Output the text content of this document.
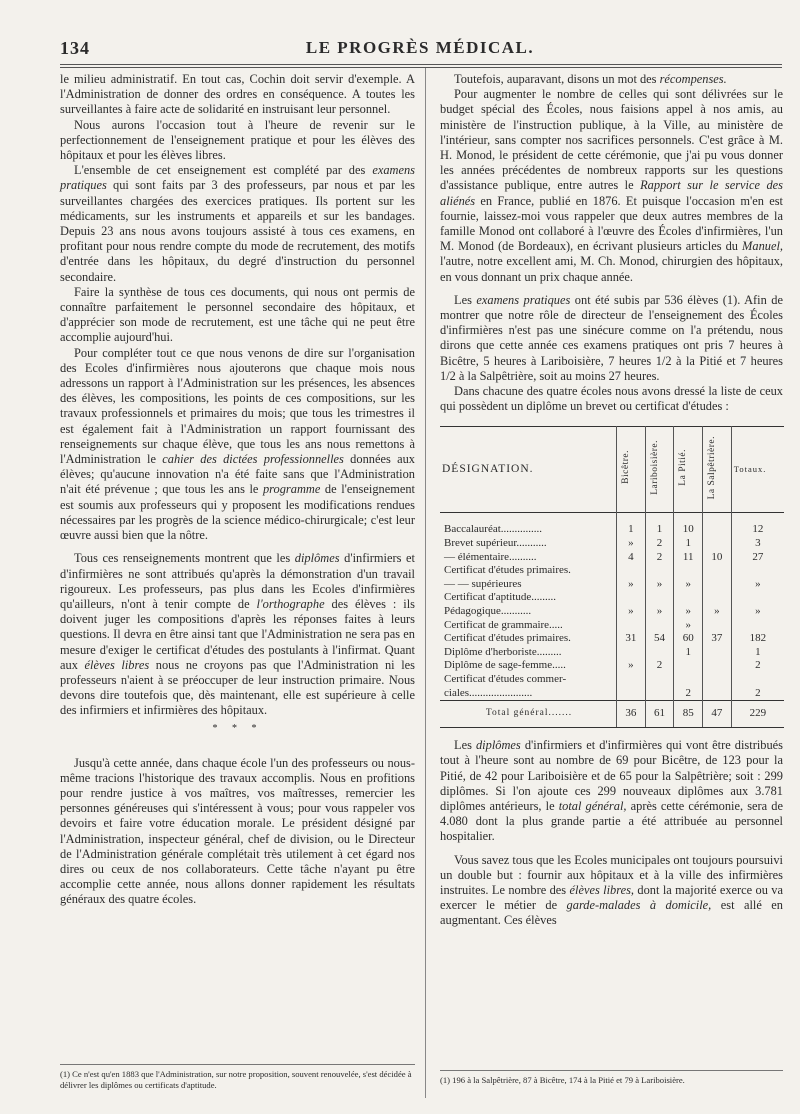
134	LE PROGRÈS MÉDICAL.

le milieu administratif. En tout cas, Cochin doit servir d'exemple. A l'Administration de donner des ordres en conséquence. A toutes les surveillantes à faire acte de solidarité en instruisant leur personnel.

Nous aurons l'occasion tout à l'heure de revenir sur le perfectionnement de l'enseignement pratique et pour les élèves des hôpitaux et pour les élèves libres.

L'ensemble de cet enseignement est complété par des examens pratiques qui sont faits par 3 des professeurs, par nous et par les surveillantes chargées des exercices pratiques. Ils portent sur les médicaments, sur les instruments et appareils et sur les bandages. Depuis 23 ans nous avons toujours assisté à tous ces examens, en profitant pour nous rendre compte du mode de recrutement, des motifs d'entrée dans les hôpitaux, du degré d'instruction du personnel secondaire.

Faire la synthèse de tous ces documents, qui nous ont permis de connaître parfaitement le personnel secondaire des hôpitaux, et d'apprécier son mode de recrutement, est une tâche qui ne peut être accomplie aujourd'hui.

Pour compléter tout ce que nous venons de dire sur l'organisation des Ecoles d'infirmières nous ajouterons que chaque mois nous adressons un rapport à l'Administration sur les présences, les absences des élèves, les compositions, les points de ces compositions, sur les travaux professionnels et primaires du mois; que tous les trimestres il est également fait à l'Administration un rapport fournissant des renseignements sur chaque élève, que tous les ans nous remettons à l'Administration le cahier des dictées professionnelles données aux élèves; qu'aucune innovation n'a été faite sans que l'Administration n'ait été prévenue ; que tous les ans le programme de l'enseignement est soumis aux professeurs qui y proposent les modifications rendues nécessaires par les progrès de la science médico-chirurgicale; c'est leur œuvre aussi bien que la nôtre.

Tous ces renseignements montrent que les diplômes d'infirmiers et d'infirmières ne sont attribués qu'après la démonstration d'un travail rigoureux. Les professeurs, pas plus dans les Ecoles d'infirmières qu'ailleurs, n'ont à tenir compte de l'orthographe des élèves : ils doivent juger les compositions d'après les réponses faites à leurs questions. Il devra en être ainsi tant que l'Administration ne sera pas en mesure d'exiger le certificat d'études des postulants à l'infirmat. Quant aux élèves libres nous ne croyons pas que l'Administration ni les professeurs n'aient à se préoccuper de leur instruction primaire. Nous devons dire toutefois que, dès maintenant, elle est supérieure à celle des infirmiers et infirmières des hôpitaux.

* * *

Jusqu'à cette année, dans chaque école l'un des professeurs ou nous-même tracions l'historique des travaux accomplis. Nous en profitions pour rendre justice à vos maîtres, vos maîtresses, remercier les personnes généreuses qui s'intéressent à vous; pour vous rappeler vos devoirs et faire votre éducation morale. Le président désigné par l'Administration, inspecteur général, chef de division, ou le Directeur de l'Administration générale complétait très utilement à cet égard nos dires ou ceux de nos collaborateurs. Cette tâche n'ayant pu être accomplie cette année, nous allons donner rapidement les résultats généraux des quatre écoles.

(1) Ce n'est qu'en 1883 que l'Administration, sur notre proposition, souvent renouvelée, s'est décidée à délivrer les diplômes ou certificats d'aptitude.

Toutefois, auparavant, disons un mot des récompenses.

Pour augmenter le nombre de celles qui sont délivrées sur le budget spécial des Écoles, nous faisions appel à nos amis, au ministère de l'instruction publique, à la Ville, au ministère de l'intérieur, sans compter nos sacrifices personnels. C'est grâce à M. H. Monod, le président de cette cérémonie, que j'ai pu vous donner les années précédentes de nombreux rapports sur les questions d'assistance publique, entre autres le Rapport sur le service des aliénés en France, publié en 1876. Et puisque l'occasion m'en est fournie, laissez-moi vous rappeler que deux autres membres de la famille Monod ont collaboré à l'œuvre des Écoles d'infirmières, l'un M. Monod (de Bordeaux), en écrivant plusieurs articles du Manuel, l'autre, notre excellent ami, M. Ch. Monod, chirurgien des hôpitaux, en vous donnant un prix chaque année.

Les examens pratiques ont été subis par 536 élèves (1). Afin de montrer que notre rôle de directeur de l'enseignement des Écoles d'infirmières n'est pas une sinécure comme on l'a prétendu, nous dirons que cette année ces examens pratiques ont pris 7 heures à Bicêtre, 5 heures à Lariboisière, 7 heures 1/2 à la Pitié et 7 heures 1/2 à la Salpêtrière, soit au moins 27 heures.

Dans chacune des quatre écoles nous avons dressé la liste de ceux qui possèdent un diplôme un brevet ou certificat d'études :

DÉSIGNATION.	Bicêtre.	Lariboisière.	La Pitié.	La Salpêtrière.	Totaux.
Baccalauréat...............	1	1	10		12
Brevet supérieur...........	»	2	1		3
— élémentaire..........	4	2	11	10	27
Certificat d'études primaires.					
— — supérieures	»	»	»		»
Certificat d'aptitude.........					
Pédagogique...........	»	»	»	»	»
Certificat de grammaire.....			»		
Certificat d'études primaires.	31	54	60	37	182
Diplôme d'herboriste.........			1		1
Diplôme de sage-femme.....	»	2			2
Certificat d'études commer-					
ciales.......................			2		2
Total général.......	36	61	85	47	229

Les diplômes d'infirmiers et d'infirmières qui vont être distribués tout à l'heure sont au nombre de 69 pour Bicêtre, de 123 pour la Pitié, de 42 pour Lariboisière et de 65 pour la Salpêtrière; soit : 299 diplômes. Si l'on ajoute ces 299 nouveaux diplômes aux 3.781 diplômes antérieurs, le total général, après cette cérémonie, sera de 4.080 dont la plus grande partie a été attribuée au personnel hospitalier.

Vous savez tous que les Ecoles municipales ont toujours poursuivi un double but : fournir aux hôpitaux et à la ville des infirmières instruites. Le nombre des élèves libres, dont la majorité exerce ou va exercer le métier de garde-malades à domicile, est allé en augmentant. Ces élèves

(1) 196 à la Salpêtrière, 87 à Bicêtre, 174 à la Pitié et 79 à Lariboisière.
